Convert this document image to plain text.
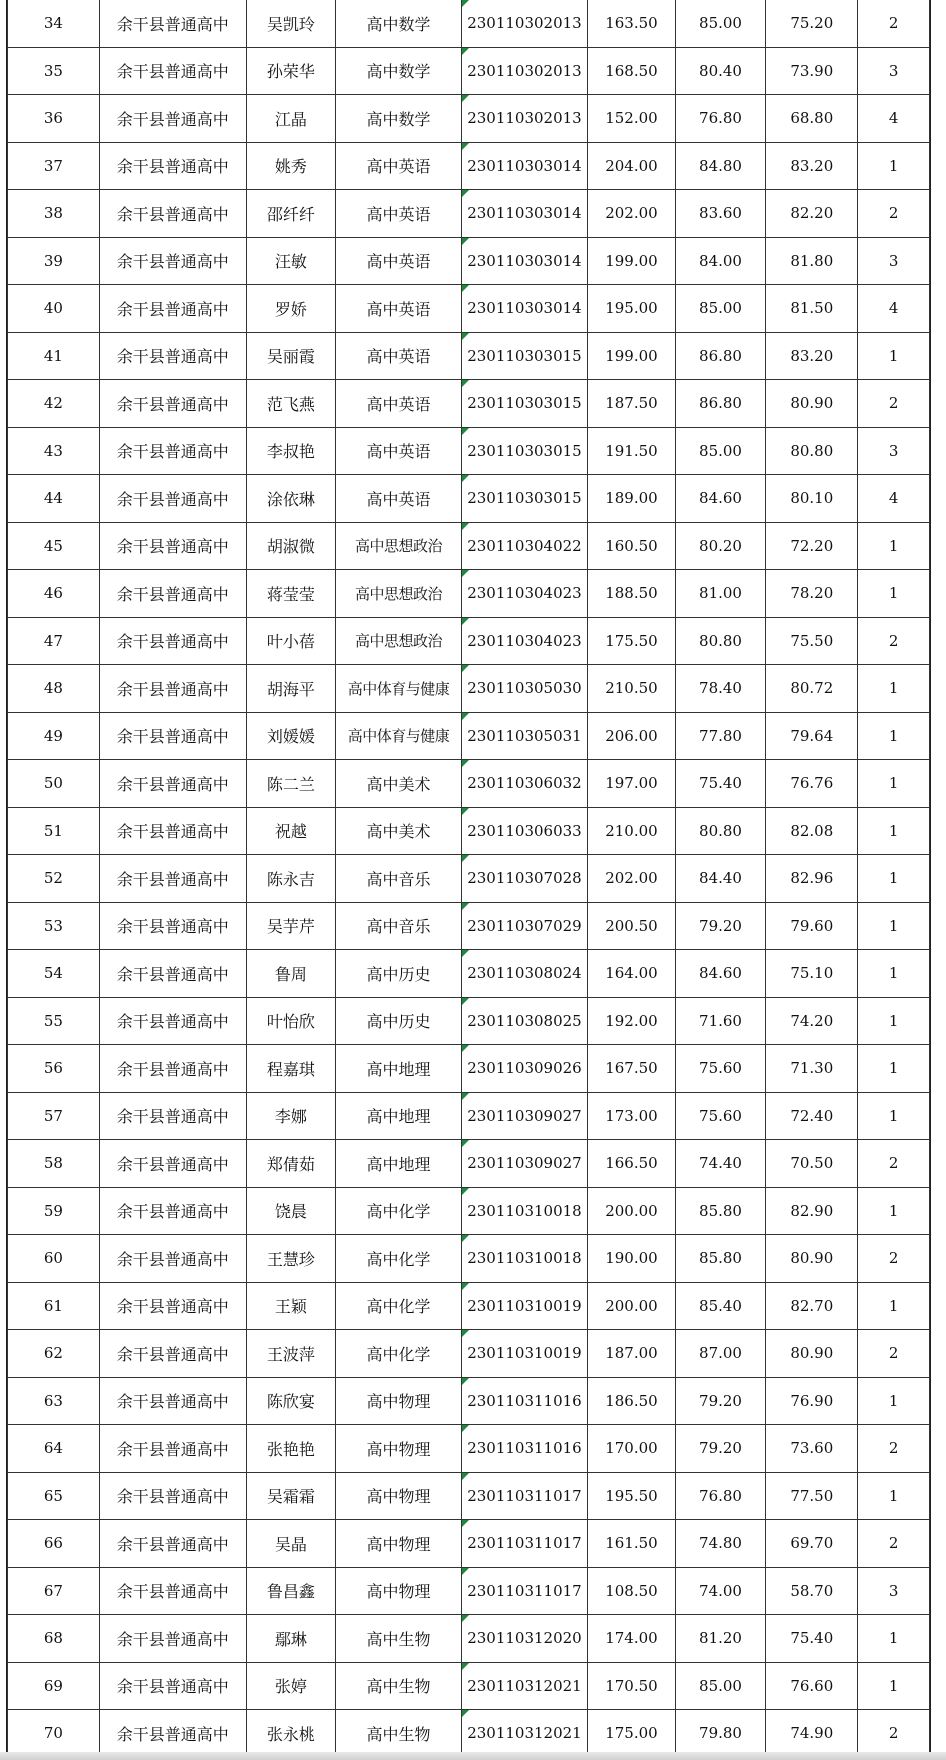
34	余干县普通高中	吴凯玲	高中数学	230110302013	163.50	85.00	75.20	2
35	余干县普通高中	孙荣华	高中数学	230110302013	168.50	80.40	73.90	3
36	余干县普通高中	江晶	高中数学	230110302013	152.00	76.80	68.80	4
37	余干县普通高中	姚秀	高中英语	230110303014	204.00	84.80	83.20	1
38	余干县普通高中	邵纤纤	高中英语	230110303014	202.00	83.60	82.20	2
39	余干县普通高中	汪敏	高中英语	230110303014	199.00	84.00	81.80	3
40	余干县普通高中	罗娇	高中英语	230110303014	195.00	85.00	81.50	4
41	余干县普通高中	吴丽霞	高中英语	230110303015	199.00	86.80	83.20	1
42	余干县普通高中	范飞燕	高中英语	230110303015	187.50	86.80	80.90	2
43	余干县普通高中	李叔艳	高中英语	230110303015	191.50	85.00	80.80	3
44	余干县普通高中	涂依琳	高中英语	230110303015	189.00	84.60	80.10	4
45	余干县普通高中	胡淑微	高中思想政治	230110304022	160.50	80.20	72.20	1
46	余干县普通高中	蒋莹莹	高中思想政治	230110304023	188.50	81.00	78.20	1
47	余干县普通高中	叶小蓓	高中思想政治	230110304023	175.50	80.80	75.50	2
48	余干县普通高中	胡海平	高中体育与健康	230110305030	210.50	78.40	80.72	1
49	余干县普通高中	刘媛媛	高中体育与健康	230110305031	206.00	77.80	79.64	1
50	余干县普通高中	陈二兰	高中美术	230110306032	197.00	75.40	76.76	1
51	余干县普通高中	祝越	高中美术	230110306033	210.00	80.80	82.08	1
52	余干县普通高中	陈永吉	高中音乐	230110307028	202.00	84.40	82.96	1
53	余干县普通高中	吴芋芹	高中音乐	230110307029	200.50	79.20	79.60	1
54	余干县普通高中	鲁周	高中历史	230110308024	164.00	84.60	75.10	1
55	余干县普通高中	叶怡欣	高中历史	230110308025	192.00	71.60	74.20	1
56	余干县普通高中	程嘉琪	高中地理	230110309026	167.50	75.60	71.30	1
57	余干县普通高中	李娜	高中地理	230110309027	173.00	75.60	72.40	1
58	余干县普通高中	郑倩茹	高中地理	230110309027	166.50	74.40	70.50	2
59	余干县普通高中	饶晨	高中化学	230110310018	200.00	85.80	82.90	1
60	余干县普通高中	王慧珍	高中化学	230110310018	190.00	85.80	80.90	2
61	余干县普通高中	王颖	高中化学	230110310019	200.00	85.40	82.70	1
62	余干县普通高中	王波萍	高中化学	230110310019	187.00	87.00	80.90	2
63	余干县普通高中	陈欣宴	高中物理	230110311016	186.50	79.20	76.90	1
64	余干县普通高中	张艳艳	高中物理	230110311016	170.00	79.20	73.60	2
65	余干县普通高中	吴霜霜	高中物理	230110311017	195.50	76.80	77.50	1
66	余干县普通高中	吴晶	高中物理	230110311017	161.50	74.80	69.70	2
67	余干县普通高中	鲁昌鑫	高中物理	230110311017	108.50	74.00	58.70	3
68	余干县普通高中	鄢琳	高中生物	230110312020	174.00	81.20	75.40	1
69	余干县普通高中	张婷	高中生物	230110312021	170.50	85.00	76.60	1
70	余干县普通高中	张永桃	高中生物	230110312021	175.00	79.80	74.90	2
